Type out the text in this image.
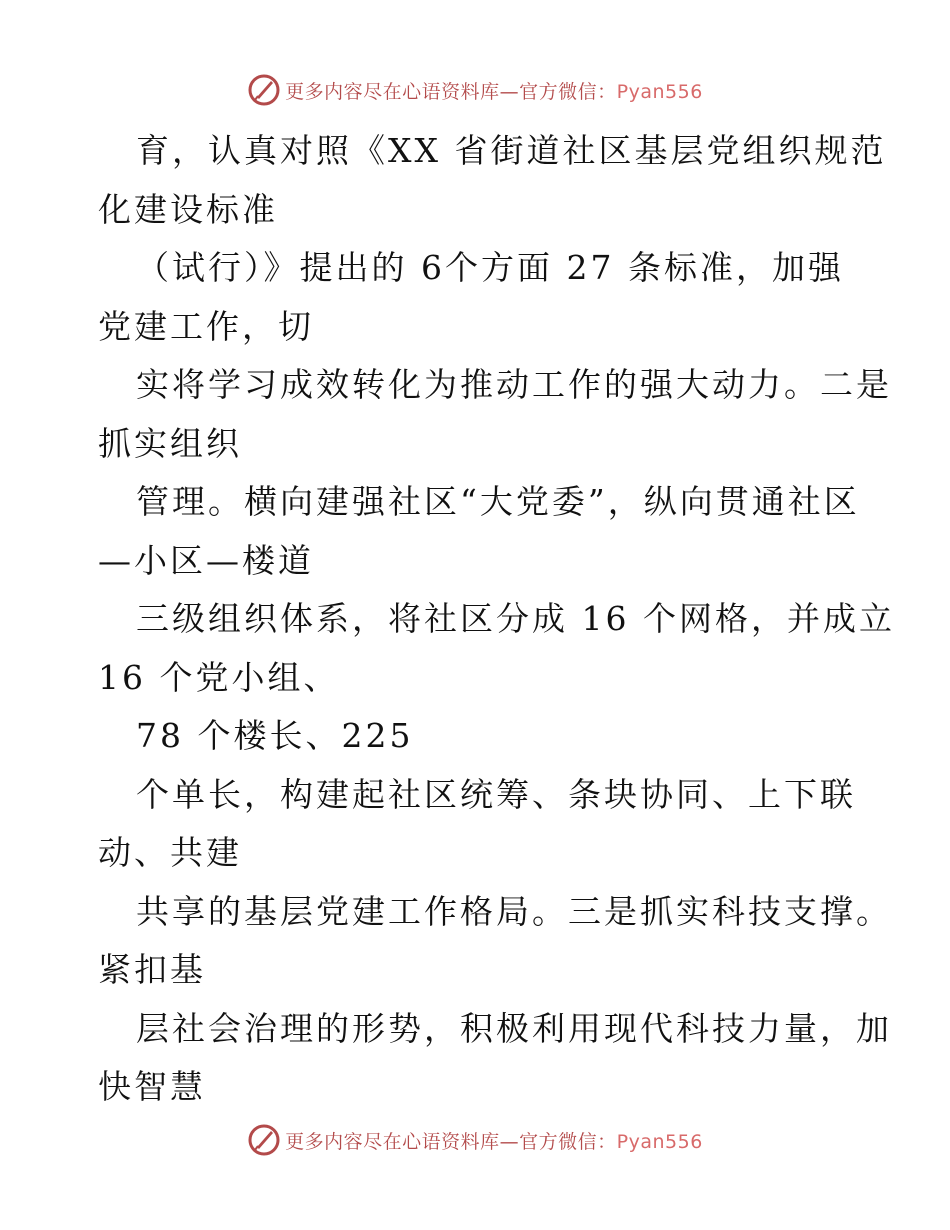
更多内容尽在心语资料库—官方微信：Pyan556
育，认真对照《XX 省街道社区基层党组织规范
化建设标准
（试行）》提出的 6个方面 27 条标准，加强
党建工作，切
实将学习成效转化为推动工作的强大动力。二是
抓实组织
管理。横向建强社区“大党委”，纵向贯通社区
—小区—楼道
三级组织体系，将社区分成 16 个网格，并成立
16 个党小组、
78 个楼长、225
个单长，构建起社区统筹、条块协同、上下联
动、共建
共享的基层党建工作格局。三是抓实科技支撑。
紧扣基
层社会治理的形势，积极利用现代科技力量，加
快智慧
更多内容尽在心语资料库—官方微信：Pyan556
